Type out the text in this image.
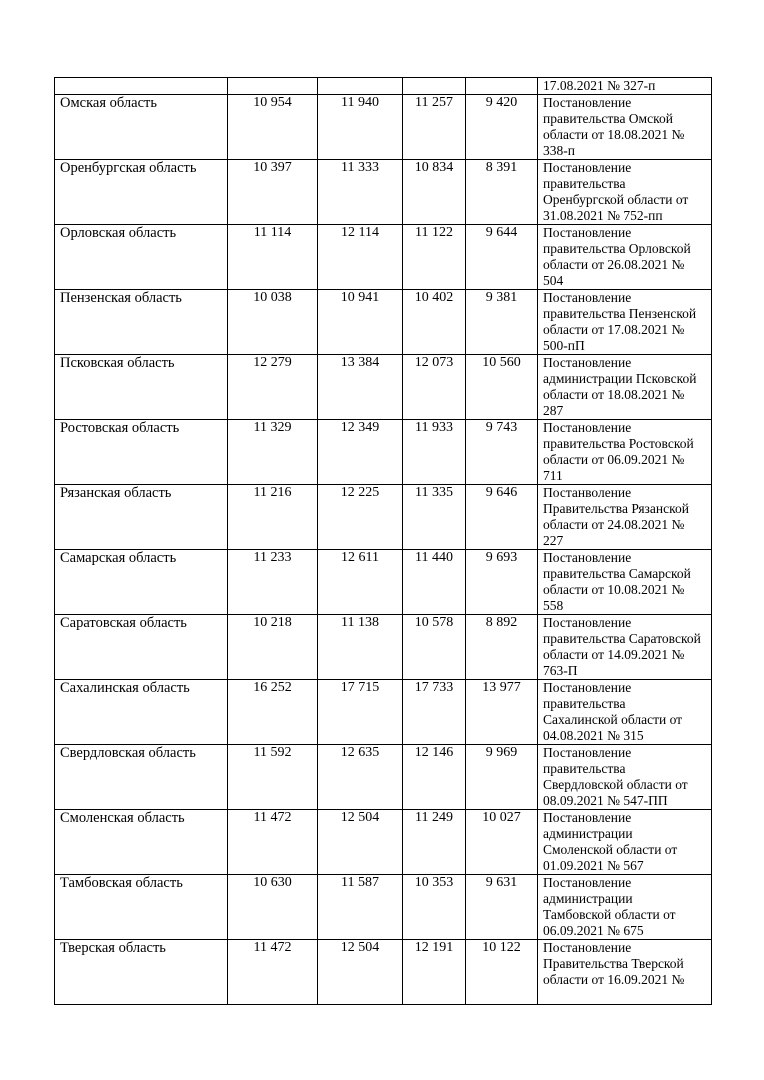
					17.08.2021 № 327-п

Омская область	10 954	11 940	11 257	9 420	Постановление
правительства Омской
области от 18.08.2021 №
338-п

Оренбургская область	10 397	11 333	10 834	8 391	Постановление
правительства
Оренбургской области от
31.08.2021 № 752-пп

Орловская область	11 114	12 114	11 122	9 644	Постановление
правительства Орловской
области от 26.08.2021 №
504

Пензенская область	10 038	10 941	10 402	9 381	Постановление
правительства Пензенской
области от 17.08.2021 №
500-пП

Псковская область	12 279	13 384	12 073	10 560	Постановление
администрации Псковской
области от 18.08.2021 №
287

Ростовская область	11 329	12 349	11 933	9 743	Постановление
правительства Ростовской
области от 06.09.2021 №
711

Рязанская область	11 216	12 225	11 335	9 646	Постанволение
Правительства Рязанской
области от 24.08.2021 №
227

Самарская область	11 233	12 611	11 440	9 693	Постановление
правительства Самарской
области от 10.08.2021 №
558

Саратовская область	10 218	11 138	10 578	8 892	Постановление
правительства Саратовской
области от 14.09.2021 №
763-П

Сахалинская область	16 252	17 715	17 733	13 977	Постановление
правительства
Сахалинской области от
04.08.2021 № 315

Свердловская область	11 592	12 635	12 146	9 969	Постановление
правительства
Свердловской области от
08.09.2021 № 547-ПП

Смоленская область	11 472	12 504	11 249	10 027	Постановление
администрации
Смоленской области от
01.09.2021 № 567

Тамбовская область	10 630	11 587	10 353	9 631	Постановление
администрации
Тамбовской области от
06.09.2021 № 675

Тверская область	11 472	12 504	12 191	10 122	Постановление
Правительства Тверской
области от 16.09.2021 №
